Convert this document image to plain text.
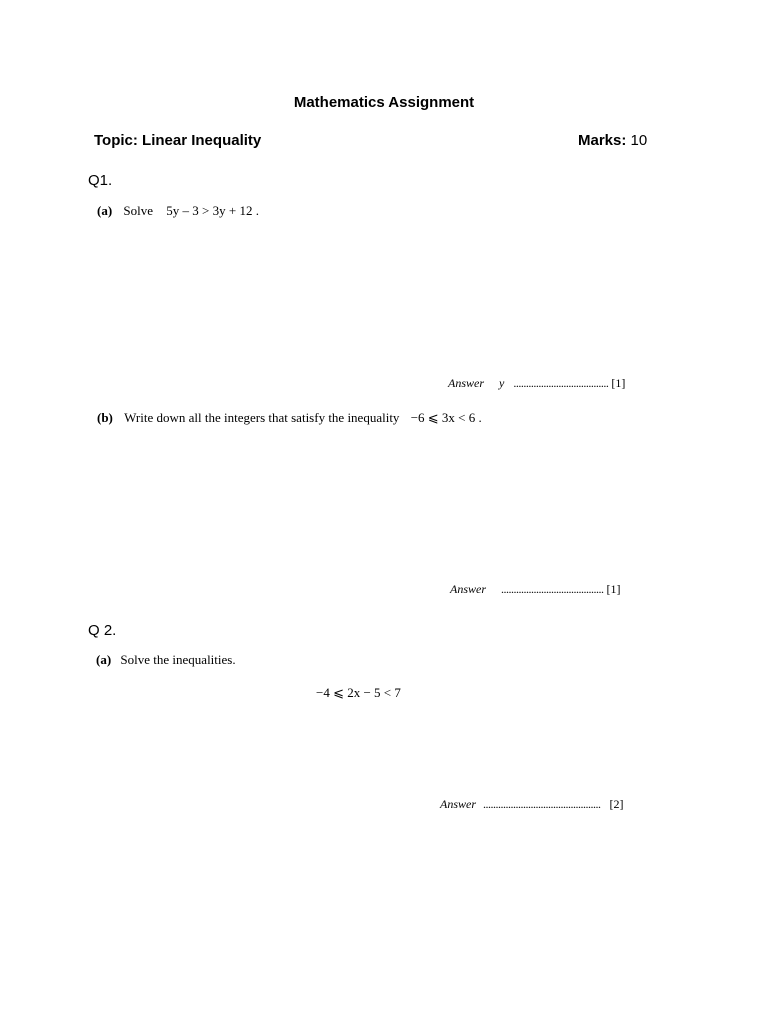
Mathematics Assignment
Topic: Linear Inequality	Marks: 10
Q1.
(a) Solve 5y – 3 > 3y + 12 .
Answer y ...................................... [1]
(b) Write down all the integers that satisfy the inequality −6 ⩽ 3x < 6 .
Answer ......................................... [1]
Q 2.
(a) Solve the inequalities.
−4 ⩽ 2x − 5 < 7
Answer ............................................... [2]
